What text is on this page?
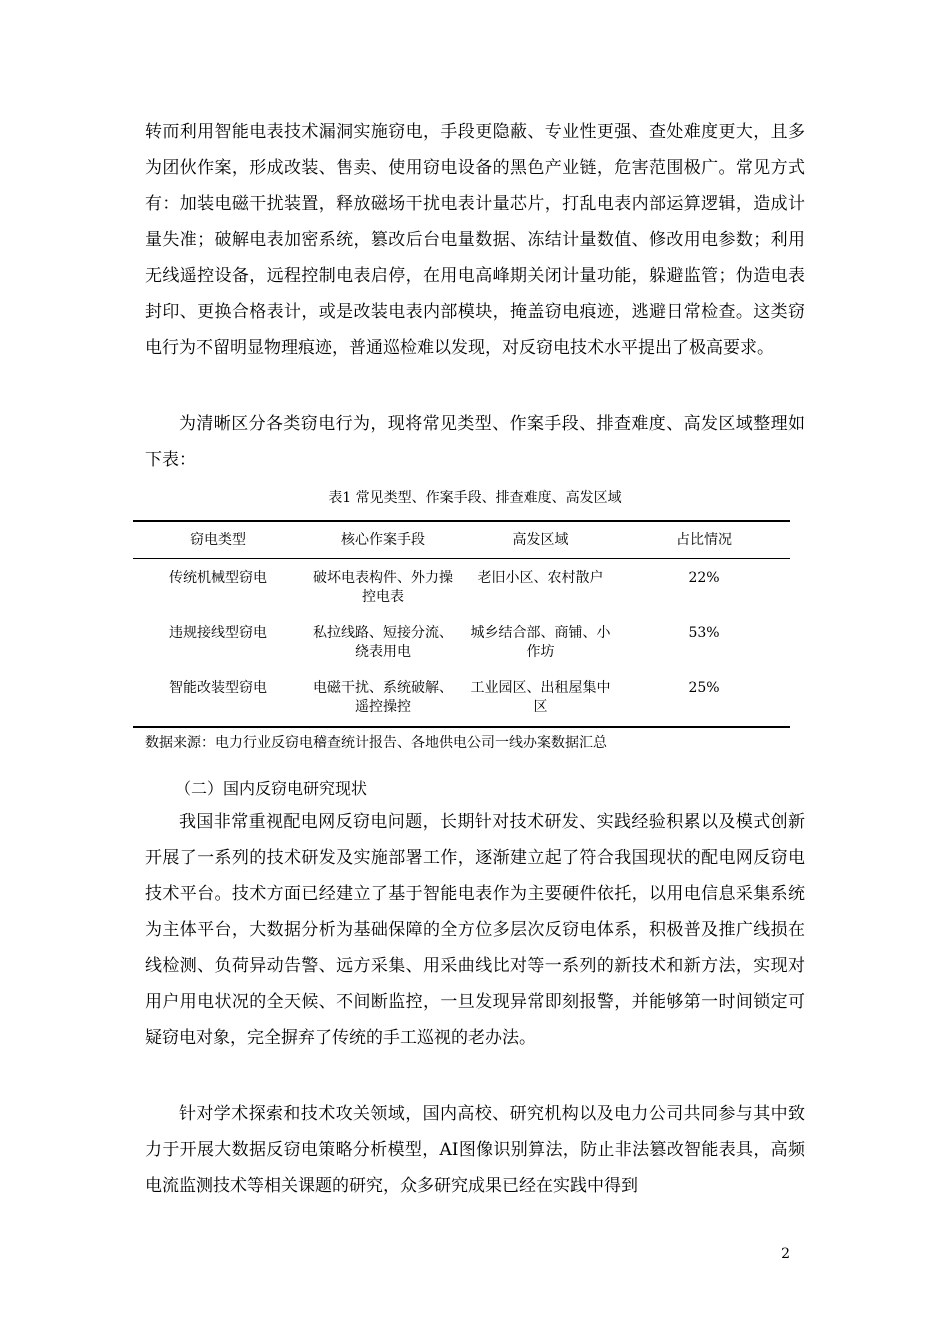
转而利用智能电表技术漏洞实施窃电，手段更隐蔽、专业性更强、查处难度更大，且多为团伙作案，形成改装、售卖、使用窃电设备的黑色产业链，危害范围极广。常见方式有：加装电磁干扰装置，释放磁场干扰电表计量芯片，打乱电表内部运算逻辑，造成计量失准；破解电表加密系统，篡改后台电量数据、冻结计量数值、修改用电参数；利用无线遥控设备，远程控制电表启停，在用电高峰期关闭计量功能，躲避监管；伪造电表封印、更换合格表计，或是改装电表内部模块，掩盖窃电痕迹，逃避日常检查。这类窃电行为不留明显物理痕迹，普通巡检难以发现，对反窃电技术水平提出了极高要求。

为清晰区分各类窃电行为，现将常见类型、作案手段、排查难度、高发区域整理如下表：

表1 常见类型、作案手段、排查难度、高发区域
窃电类型	核心作案手段	高发区域	占比情况
传统机械型窃电	破坏电表构件、外力操控电表	老旧小区、农村散户	22%
违规接线型窃电	私拉线路、短接分流、绕表用电	城乡结合部、商铺、小作坊	53%
智能改装型窃电	电磁干扰、系统破解、遥控操控	工业园区、出租屋集中区	25%
数据来源：电力行业反窃电稽查统计报告、各地供电公司一线办案数据汇总
（二）国内反窃电研究现状

我国非常重视配电网反窃电问题，长期针对技术研发、实践经验积累以及模式创新开展了一系列的技术研发及实施部署工作，逐渐建立起了符合我国现状的配电网反窃电技术平台。技术方面已经建立了基于智能电表作为主要硬件依托，以用电信息采集系统为主体平台，大数据分析为基础保障的全方位多层次反窃电体系，积极普及推广线损在线检测、负荷异动告警、远方采集、用采曲线比对等一系列的新技术和新方法，实现对用户用电状况的全天候、不间断监控，一旦发现异常即刻报警，并能够第一时间锁定可疑窃电对象，完全摒弃了传统的手工巡视的老办法。

针对学术探索和技术攻关领域，国内高校、研究机构以及电力公司共同参与其中致力于开展大数据反窃电策略分析模型，AI图像识别算法，防止非法篡改智能表具，高频电流监测技术等相关课题的研究，众多研究成果已经在实践中得到

2
